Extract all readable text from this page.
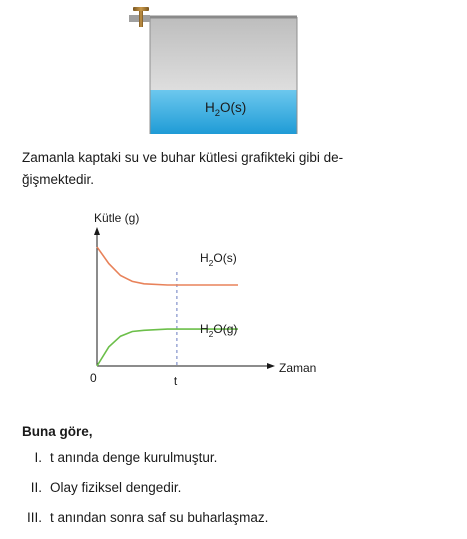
$H_2O(s)$
Zamanla kaptaki su ve buhar kütlesi grafikteki gibi de-
ğişmektedir.
Kütle (g)
Zaman
0	t
$H_2O(s)$
$H_2O(g)$
Buna göre,
I. t anında denge kurulmuştur.
II. Olay fiziksel dengedir.
III. t anından sonra saf su buharlaşmaz.
